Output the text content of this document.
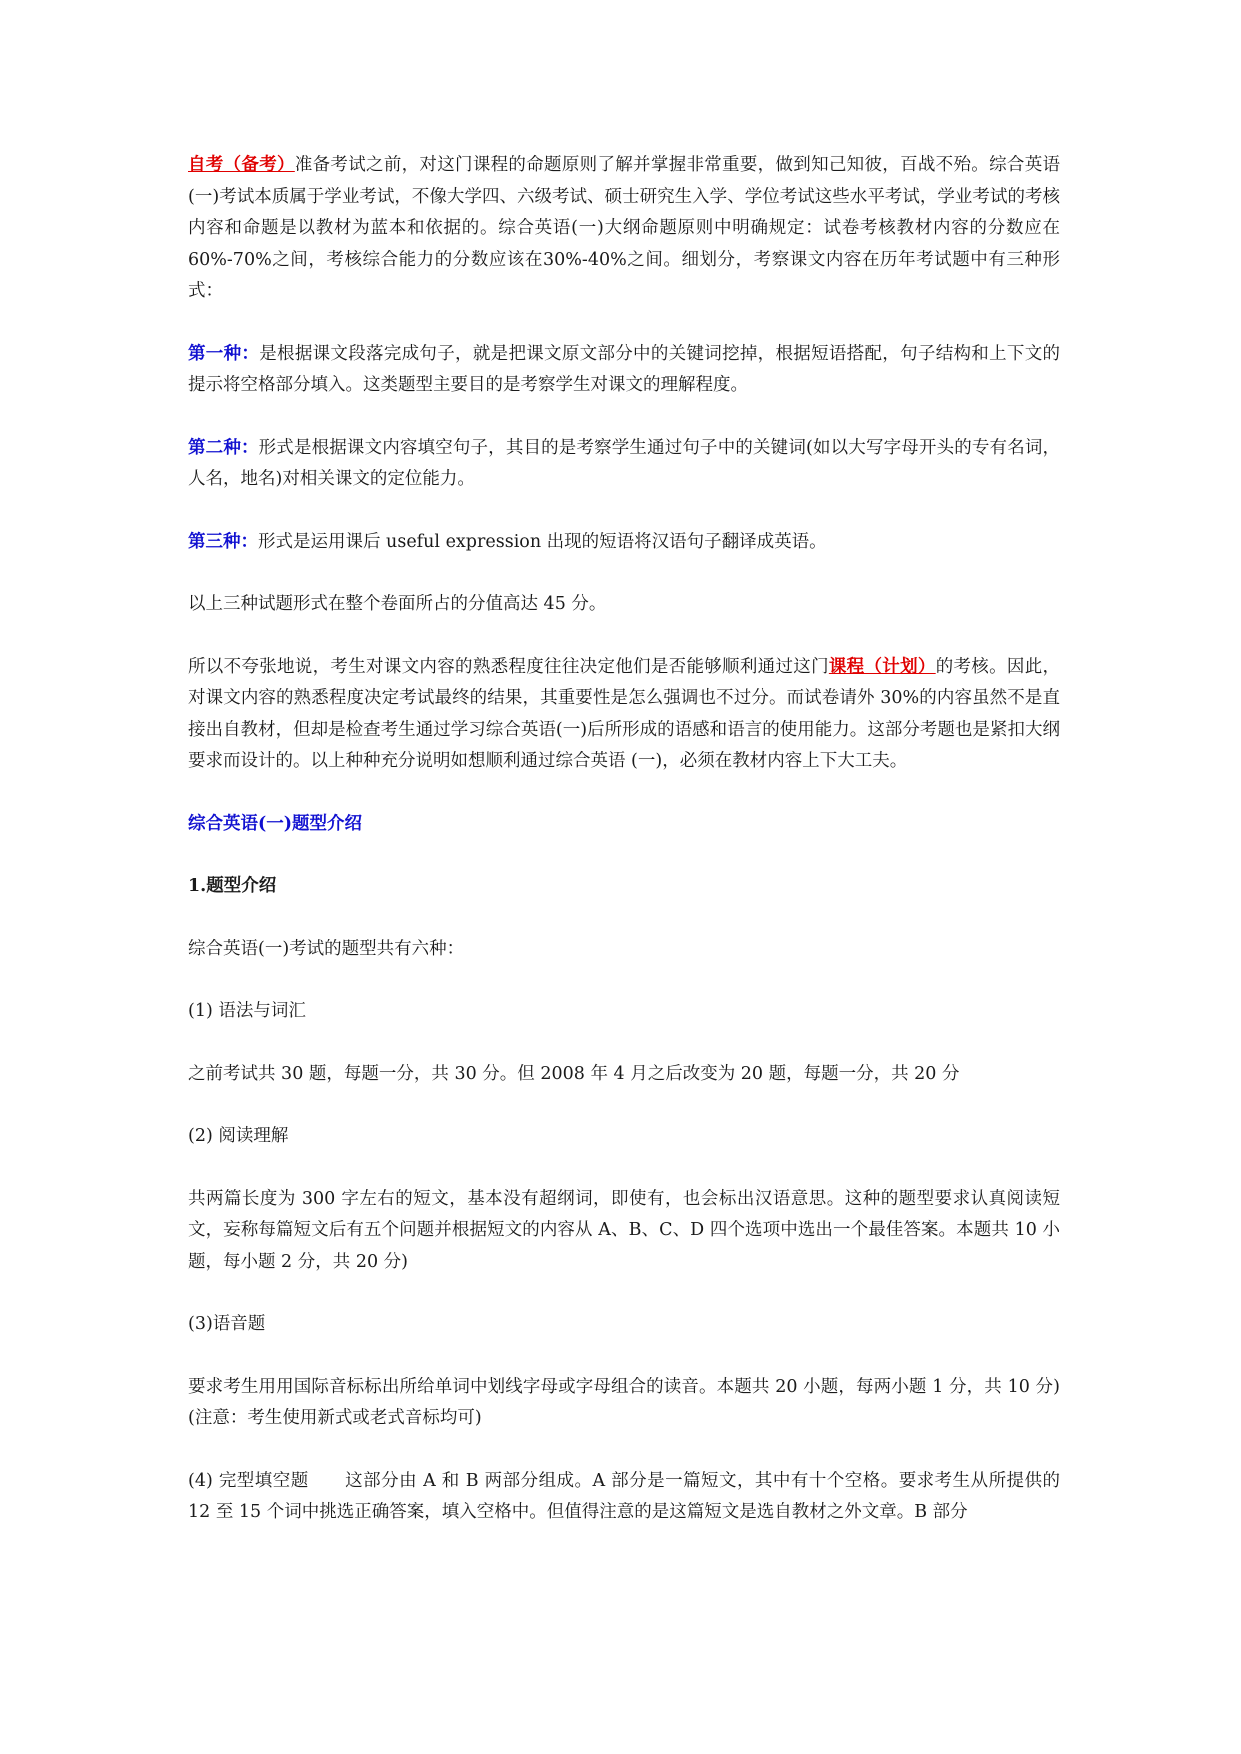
自考（备考）准备考试之前，对这门课程的命题原则了解并掌握非常重要，做到知己知彼，百战不殆。综合英语(一)考试本质属于学业考试，不像大学四、六级考试、硕士研究生入学、学位考试这些水平考试，学业考试的考核内容和命题是以教材为蓝本和依据的。综合英语(一)大纲命题原则中明确规定：试卷考核教材内容的分数应在60%-70%之间，考核综合能力的分数应该在30%-40%之间。细划分，考察课文内容在历年考试题中有三种形式：

第一种：是根据课文段落完成句子，就是把课文原文部分中的关键词挖掉，根据短语搭配，句子结构和上下文的提示将空格部分填入。这类题型主要目的是考察学生对课文的理解程度。

第二种：形式是根据课文内容填空句子，其目的是考察学生通过句子中的关键词(如以大写字母开头的专有名词，人名，地名)对相关课文的定位能力。

第三种：形式是运用课后 useful expression 出现的短语将汉语句子翻译成英语。

以上三种试题形式在整个卷面所占的分值高达 45 分。

所以不夸张地说，考生对课文内容的熟悉程度往往决定他们是否能够顺利通过这门课程（计划）的考核。因此，对课文内容的熟悉程度决定考试最终的结果，其重要性是怎么强调也不过分。而试卷请外 30%的内容虽然不是直接出自教材，但却是检查考生通过学习综合英语(一)后所形成的语感和语言的使用能力。这部分考题也是紧扣大纲要求而设计的。以上种种充分说明如想顺利通过综合英语 (一)，必须在教材内容上下大工夫。

综合英语(一)题型介绍

1.题型介绍

综合英语(一)考试的题型共有六种：

(1) 语法与词汇

之前考试共 30 题，每题一分，共 30 分。但 2008 年 4 月之后改变为 20 题，每题一分，共 20 分

(2) 阅读理解

共两篇长度为 300 字左右的短文，基本没有超纲词，即使有，也会标出汉语意思。这种的题型要求认真阅读短文，妄称每篇短文后有五个问题并根据短文的内容从 A、B、C、D 四个选项中选出一个最佳答案。本题共 10 小题，每小题 2 分，共 20 分)

(3)语音题

要求考生用用国际音标标出所给单词中划线字母或字母组合的读音。本题共 20 小题，每两小题 1 分，共 10 分)(注意：考生使用新式或老式音标均可)

(4) 完型填空题 这部分由 A 和 B 两部分组成。A 部分是一篇短文，其中有十个空格。要求考生从所提供的 12 至 15 个词中挑选正确答案，填入空格中。但值得注意的是这篇短文是选自教材之外文章。B 部分
